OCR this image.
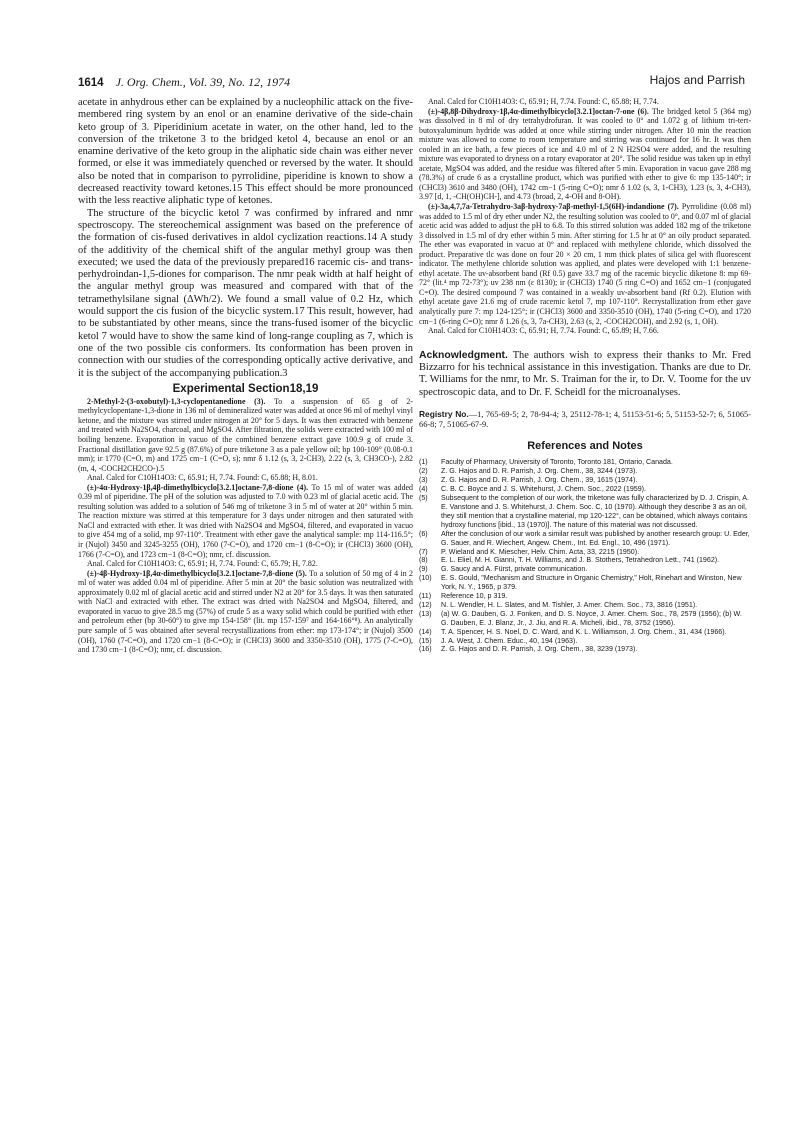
1614 J. Org. Chem., Vol. 39, No. 12, 1974	Hajos and Parrish

acetate in anhydrous ether can be explained by a nucleophilic attack on the five-membered ring system by an enol or an enamine derivative of the side-chain keto group of 3. Piperidinium acetate in water, on the other hand, led to the conversion of the triketone 3 to the bridged ketol 4, because an enol or an enamine derivative of the keto group in the aliphatic side chain was either never formed, or else it was immediately quenched or reversed by the water. It should also be noted that in comparison to pyrrolidine, piperidine is known to show a decreased reactivity toward ketones.15 This effect should be more pronounced with the less reactive aliphatic type of ketones.

The structure of the bicyclic ketol 7 was confirmed by infrared and nmr spectroscopy. The stereochemical assignment was based on the preference of the formation of cis-fused derivatives in aldol cyclization reactions.14 A study of the additivity of the chemical shift of the angular methyl group was then executed; we used the data of the previously prepared16 racemic cis- and trans-perhydroindan-1,5-diones for comparison. The nmr peak width at half height of the angular methyl group was measured and compared with that of the tetramethylsilane signal (ΔWh/2). We found a small value of 0.2 Hz, which would support the cis fusion of the bicyclic system.17 This result, however, had to be substantiated by other means, since the trans-fused isomer of the bicyclic ketol 7 would have to show the same kind of long-range coupling as 7, which is one of the two possible cis conformers. Its conformation has been proven in connection with our studies of the corresponding optically active derivative, and it is the subject of the accompanying publication.3

Experimental Section18,19

2-Methyl-2-(3-oxobutyl)-1,3-cyclopentanedione (3). To a suspension of 65 g of 2-methylcyclopentane-1,3-dione in 136 ml of demineralized water was added at once 96 ml of methyl vinyl ketone, and the mixture was stirred under nitrogen at 20° for 5 days. It was then extracted with benzene and treated with Na2SO4, charcoal, and MgSO4. After filtration, the solids were extracted with 100 ml of boiling benzene. Evaporation in vacuo of the combined benzene extract gave 100.9 g of crude 3. Fractional distillation gave 92.5 g (87.6%) of pure triketone 3 as a pale yellow oil; bp 100-109° (0.08-0.1 mm); ir 1770 (C=O, m) and 1725 cm−1 (C=O, s); nmr δ 1.12 (s, 3, 2-CH3), 2.22 (s, 3, CH3CO-), 2.82 (m, 4, -COCH2CH2CO-).5

Anal. Calcd for C10H14O3: C, 65.91; H, 7.74. Found: C, 65.88; H, 8.01.

(±)-4α-Hydroxy-1β,4β-dimethylbicyclo[3.2.1]octane-7,8-dione (4). To 15 ml of water was added 0.39 ml of piperidine. The pH of the solution was adjusted to 7.0 with 0.23 ml of glacial acetic acid. The resulting solution was added to a solution of 546 mg of triketone 3 in 5 ml of water at 20° within 5 min. The reaction mixture was stirred at this temperature for 3 days under nitrogen and then saturated with NaCl and extracted with ether. It was dried with Na2SO4 and MgSO4, filtered, and evaporated in vacuo to give 454 mg of a solid, mp 97-110°. Treatment with ether gave the analytical sample: mp 114-116.5°; ir (Nujol) 3450 and 3245-3255 (OH), 1760 (7-C=O), and 1720 cm−1 (8-C=O); ir (CHCl3) 3600 (OH), 1766 (7-C=O), and 1723 cm−1 (8-C=O); nmr, cf. discussion.

Anal. Calcd for C10H14O3: C, 65.91; H, 7.74. Found: C, 65.79; H, 7.82.

(±)-4β-Hydroxy-1β,4α-dimethylbicyclo[3.2.1]octane-7,8-dione (5). To a solution of 50 mg of 4 in 2 ml of water was added 0.04 ml of piperidine. After 5 min at 20° the basic solution was neutralized with approximately 0.02 ml of glacial acetic acid and stirred under N2 at 20° for 3.5 days. It was then saturated with NaCl and extracted with ether. The extract was dried with Na2SO4 and MgSO4, filtered, and evaporated in vacuo to give 28.5 mg (57%) of crude 5 as a waxy solid which could be purified with ether and petroleum ether (bp 30-60°) to give mp 154-158° (lit. mp 157-159⁷ and 164-166°⁸). An analytically pure sample of 5 was obtained after several recrystallizations from ether: mp 173-174°; ir (Nujol) 3500 (OH), 1760 (7-C=O), and 1720 cm−1 (8-C=O); ir (CHCl3) 3600 and 3350-3510 (OH), 1775 (7-C=O), and 1730 cm−1 (8-C=O); nmr, cf. discussion.

Anal. Calcd for C10H14O3: C, 65.91; H, 7.74. Found: C, 65.88; H, 7.74.

(±)-4β,8β-Dihydroxy-1β,4α-dimethylbicyclo[3.2.1]octan-7-one (6). The bridged ketol 5 (364 mg) was dissolved in 8 ml of dry tetrahydrofuran. It was cooled to 0° and 1.072 g of lithium tri-tert-butoxyaluminum hydride was added at once while stirring under nitrogen. After 10 min the reaction mixture was allowed to come to room temperature and stirring was continued for 16 hr. It was then cooled in an ice bath, a few pieces of ice and 4.0 ml of 2 N H2SO4 were added, and the resulting mixture was evaporated to dryness on a rotary evaporator at 20°. The solid residue was taken up in ethyl acetate, MgSO4 was added, and the residue was filtered after 5 min. Evaporation in vacuo gave 288 mg (78.3%) of crude 6 as a crystalline product, which was purified with ether to give 6: mp 135-140°; ir (CHCl3) 3610 and 3480 (OH), 1742 cm−1 (5-ring C=O); nmr δ 1.02 (s, 3, 1-CH3), 1.23 (s, 3, 4-CH3), 3.97 [d, 1, -CH(OH)CH-], and 4.73 (broad, 2, 4-OH and 8-OH).

(±)-3a,4,7,7a-Tetrahydro-3aβ-hydroxy-7aβ-methyl-1,5(6H)-indandione (7). Pyrrolidine (0.08 ml) was added to 1.5 ml of dry ether under N2, the resulting solution was cooled to 0°, and 0.07 ml of glacial acetic acid was added to adjust the pH to 6.8. To this stirred solution was added 182 mg of the triketone 3 dissolved in 1.5 ml of dry ether within 5 min. After stirring for 1.5 hr at 0° an oily product separated. The ether was evaporated in vacuo at 0° and replaced with methylene chloride, which dissolved the product. Preparative tlc was done on four 20 × 20 cm, 1 mm thick plates of silica gel with fluorescent indicator. The methylene chloride solution was applied, and plates were developed with 1:1 benzene-ethyl acetate. The uv-absorbent band (Rf 0.5) gave 33.7 mg of the racemic bicyclic diketone 8: mp 69-72° (lit.⁴ mp 72-73°); uv 238 nm (ε 8130); ir (CHCl3) 1740 (5 ring C=O) and 1652 cm−1 (conjugated C=O). The desired compound 7 was contained in a weakly uv-absorbent band (Rf 0.2). Elution with ethyl acetate gave 21.6 mg of crude racemic ketol 7, mp 107-110°. Recrystallization from ether gave analytically pure 7: mp 124-125°; ir (CHCl3) 3600 and 3350-3510 (OH), 1740 (5-ring C=O), and 1720 cm−1 (6-ring C=O); nmr δ 1.26 (s, 3, 7a-CH3), 2.63 (s, 2, -COCH2COH), and 2.92 (s, 1, OH).

Anal. Calcd for C10H14O3: C, 65.91; H, 7.74. Found: C, 65.89; H, 7.66.

Acknowledgment. The authors wish to express their thanks to Mr. Fred Bizzarro for his technical assistance in this investigation. Thanks are due to Dr. T. Williams for the nmr, to Mr. S. Traiman for the ir, to Dr. V. Toome for the uv spectroscopic data, and to Dr. F. Scheidl for the microanalyses.

Registry No.—1, 765-69-5; 2, 78-94-4; 3, 25112-78-1; 4, 51153-51-6; 5, 51153-52-7; 6, 51065-66-8; 7, 51065-67-9.

References and Notes
(1)	Faculty of Pharmacy, University of Toronto, Toronto 181, Ontario, Canada.
(2)	Z. G. Hajos and D. R. Parrish, J. Org. Chem., 38, 3244 (1973).
(3)	Z. G. Hajos and D. R. Parrish, J. Org. Chem., 39, 1615 (1974).
(4)	C. B. C. Boyce and J. S. Whitehurst, J. Chem. Soc., 2022 (1959).
(5)	Subsequent to the completion of our work, the triketone was fully characterized by D. J. Crispin, A. E. Vanstone and J. S. Whitehurst, J. Chem. Soc. C, 10 (1970). Although they describe 3 as an oil, they still mention that a crystalline material, mp 120-122°, can be obtained, which always contains hydroxy functions [ibid., 13 (1970)]. The nature of this material was not discussed.
(6)	After the conclusion of our work a similar result was published by another research group: U. Eder, G. Sauer, and R. Wiechert, Angew. Chem., Int. Ed. Engl., 10, 496 (1971).
(7)	P. Wieland and K. Miescher, Helv. Chim. Acta, 33, 2215 (1950).
(8)	E. L. Eliel, M. H. Gianni, T. H. Williams, and J. B. Stothers, Tetrahedron Lett., 741 (1962).
(9)	G. Saucy and A. Fürst, private communication.
(10)	E. S. Gould, "Mechanism and Structure in Organic Chemistry," Holt, Rinehart and Winston, New York, N. Y., 1965, p 379.
(11)	Reference 10, p 319.
(12)	N. L. Wendler, H. L. Slates, and M. Tishler, J. Amer. Chem. Soc., 73, 3816 (1951).
(13)	(a) W. G. Dauben, G. J. Fonken, and D. S. Noyce, J. Amer. Chem. Soc., 78, 2579 (1956); (b) W. G. Dauben, E. J. Blanz, Jr., J. Jiu, and R. A. Micheli, ibid., 78, 3752 (1956).
(14)	T. A. Spencer, H. S. Noel, D. C. Ward, and K. L. Williamson, J. Org. Chem., 31, 434 (1966).
(15)	J. A. West, J. Chem. Educ., 40, 194 (1963).
(16)	Z. G. Hajos and D. R. Parrish, J. Org. Chem., 38, 3239 (1973).
